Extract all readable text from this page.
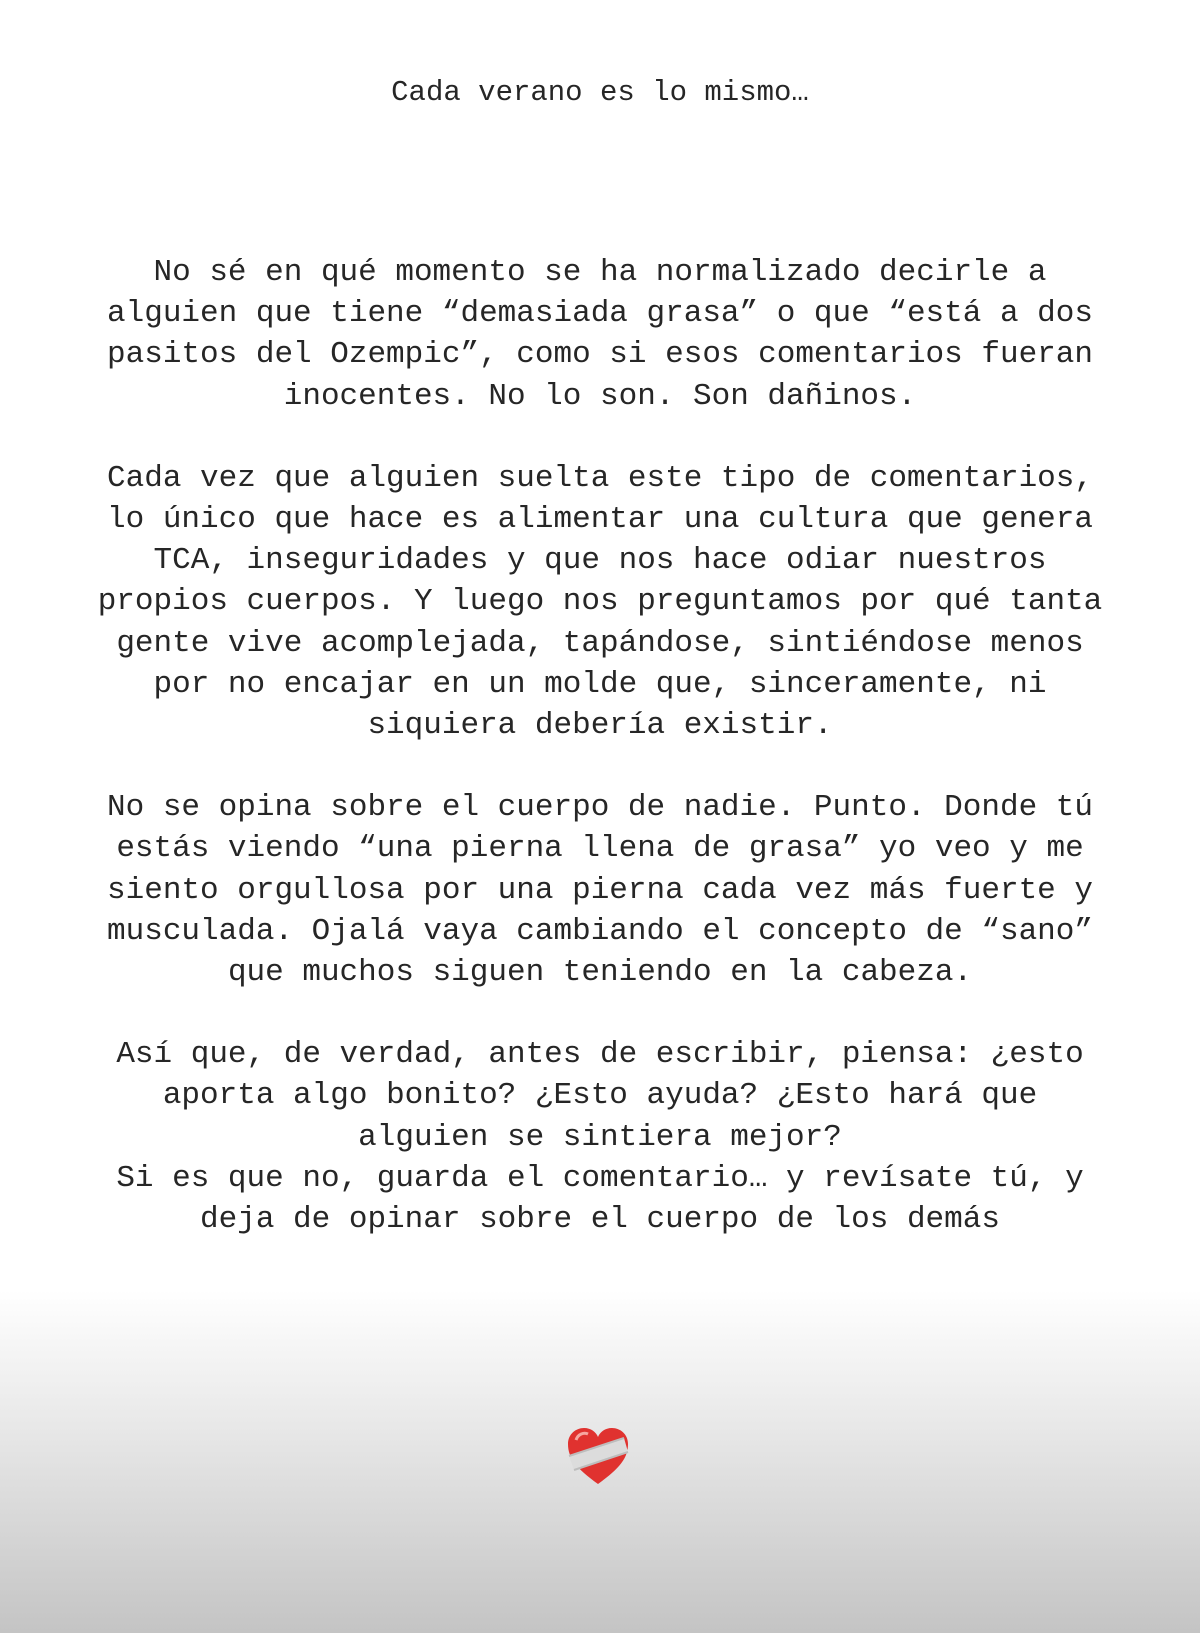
Cada verano es lo mismo…
No sé en qué momento se ha normalizado decirle a
alguien que tiene “demasiada grasa” o que “está a dos
pasitos del Ozempic”, como si esos comentarios fueran
inocentes. No lo son. Son dañinos.
Cada vez que alguien suelta este tipo de comentarios,
lo único que hace es alimentar una cultura que genera
TCA, inseguridades y que nos hace odiar nuestros
propios cuerpos. Y luego nos preguntamos por qué tanta
gente vive acomplejada, tapándose, sintiéndose menos
por no encajar en un molde que, sinceramente, ni
siquiera debería existir.
No se opina sobre el cuerpo de nadie. Punto. Donde tú
estás viendo “una pierna llena de grasa” yo veo y me
siento orgullosa por una pierna cada vez más fuerte y
musculada. Ojalá vaya cambiando el concepto de “sano”
que muchos siguen teniendo en la cabeza.
Así que, de verdad, antes de escribir, piensa: ¿esto
aporta algo bonito? ¿Esto ayuda? ¿Esto hará que
alguien se sintiera mejor?
Si es que no, guarda el comentario… y revísate tú, y
deja de opinar sobre el cuerpo de los demás
